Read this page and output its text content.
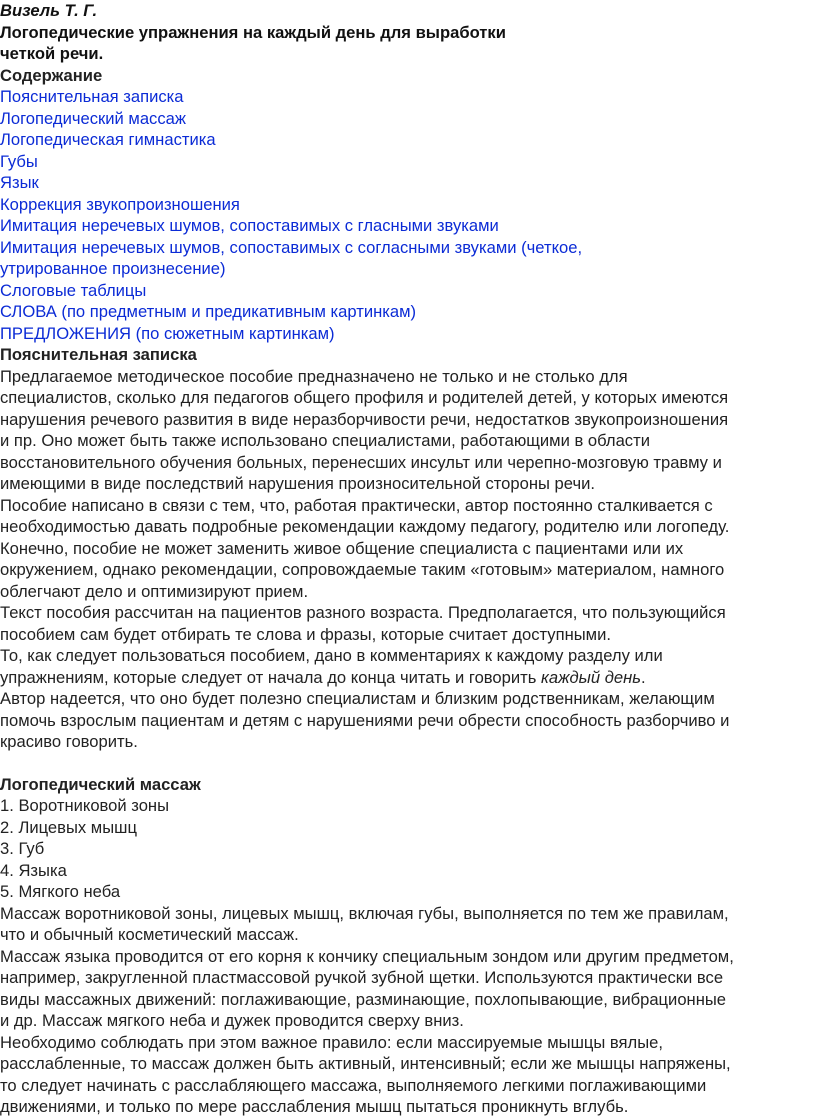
Визель Т. Г.
Логопедические упражнения на каждый день для выработки
четкой речи.
Содержание
Пояснительная записка
Логопедический массаж
Логопедическая гимнастика
Губы
Язык
Коррекция звукопроизношения
Имитация неречевых шумов, сопоставимых с гласными звуками
Имитация неречевых шумов, сопоставимых с согласными звуками (четкое,
утрированное произнесение)
Слоговые таблицы
СЛОВА (по предметным и предикативным картинкам)
ПРЕДЛОЖЕНИЯ (по сюжетным картинкам)
Пояснительная записка
Предлагаемое методическое пособие предназначено не только и не столько для
специалистов, сколько для педагогов общего профиля и родителей детей, у которых имеются
нарушения речевого развития в виде неразборчивости речи, недостатков звукопроизношения
и пр. Оно может быть также использовано специалистами, работающими в области
восстановительного обучения больных, перенесших инсульт или черепно-мозговую травму и
имеющими в виде последствий нарушения произносительной стороны речи.
Пособие написано в связи с тем, что, работая практически, автор постоянно сталкивается с
необходимостью давать подробные рекомендации каждому педагогу, родителю или логопеду.
Конечно, пособие не может заменить живое общение специалиста с пациентами или их
окружением, однако рекомендации, сопровождаемые таким «готовым» материалом, намного
облегчают дело и оптимизируют прием.
Текст пособия рассчитан на пациентов разного возраста. Предполагается, что пользующийся
пособием сам будет отбирать те слова и фразы, которые считает доступными.
То, как следует пользоваться пособием, дано в комментариях к каждому разделу или
упражнениям, которые следует от начала до конца читать и говорить каждый день.
Автор надеется, что оно будет полезно специалистам и близким родственникам, желающим
помочь взрослым пациентам и детям с нарушениями речи обрести способность разборчиво и
красиво говорить.
Логопедический массаж
1. Воротниковой зоны
2. Лицевых мышц
3. Губ
4. Языка
5. Мягкого неба
Массаж воротниковой зоны, лицевых мышц, включая губы, выполняется по тем же правилам,
что и обычный косметический массаж.
Массаж языка проводится от его корня к кончику специальным зондом или другим предметом,
например, закругленной пластмассовой ручкой зубной щетки. Используются практически все
виды массажных движений: поглаживающие, разминающие, похлопывающие, вибрационные
и др. Массаж мягкого неба и дужек проводится сверху вниз.
Необходимо соблюдать при этом важное правило: если массируемые мышцы вялые,
расслабленные, то массаж должен быть активный, интенсивный; если же мышцы напряжены,
то следует начинать с расслабляющего массажа, выполняемого легкими поглаживающими
движениями, и только по мере расслабления мышц пытаться проникнуть вглубь.
